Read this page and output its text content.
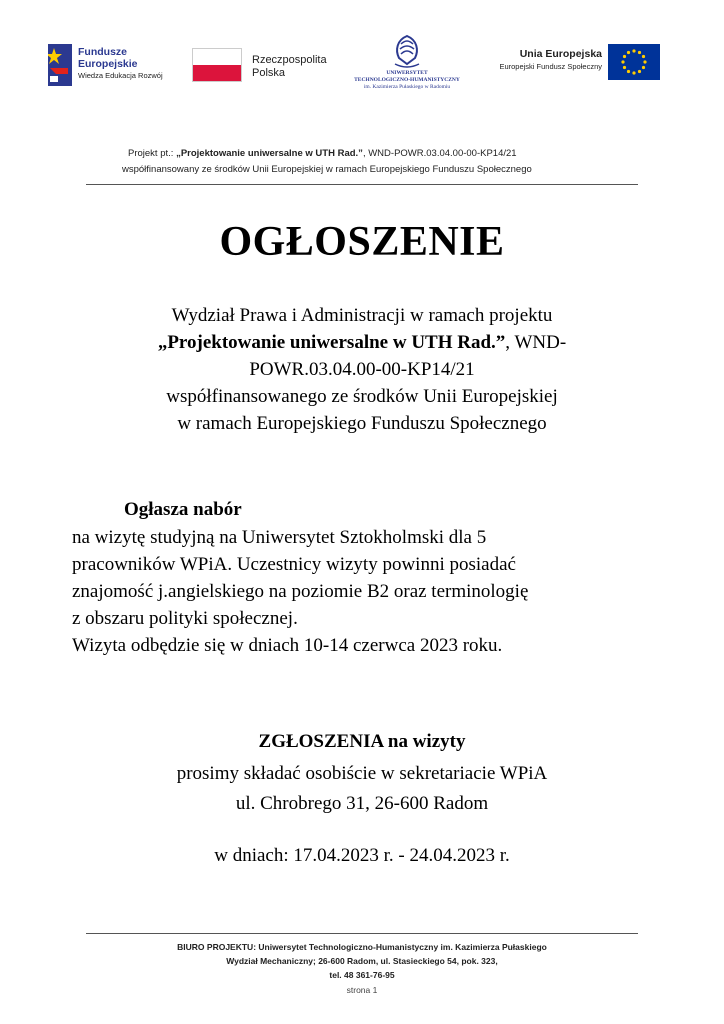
Fundusze
Europejskie
Wiedza Edukacja Rozwój
Rzeczpospolita
Polska	UNIWERSYTET
TECHNOLOGICZNO-HUMANISTYCZNY
im. Kazimierza Pułaskiego w Radomiu
Unia Europejska
Europejski Fundusz Społeczny
Projekt pt.: „Projektowanie uniwersalne w UTH Rad.”, WND-POWR.03.04.00-00-KP14/21
współfinansowany ze środków Unii Europejskiej w ramach Europejskiego Funduszu Społecznego
OGŁOSZENIE
Wydział Prawa i Administracji w ramach projektu
„Projektowanie uniwersalne w UTH Rad.”, WND-
POWR.03.04.00-00-KP14/21
współfinansowanego ze środków Unii Europejskiej
w ramach Europejskiego Funduszu Społecznego
Ogłasza nabór
na wizytę studyjną na Uniwersytet Sztokholmski dla 5
pracowników WPiA. Uczestnicy wizyty powinni posiadać
znajomość j.angielskiego na poziomie B2 oraz terminologię
z obszaru polityki społecznej.
Wizyta odbędzie się w dniach 10-14 czerwca 2023 roku.
ZGŁOSZENIA na wizyty
prosimy składać osobiście w sekretariacie WPiA
ul. Chrobrego 31, 26-600 Radom
w dniach: 17.04.2023 r. - 24.04.2023 r.
BIURO PROJEKTU: Uniwersytet Technologiczno-Humanistyczny im. Kazimierza Pułaskiego
Wydział Mechaniczny; 26-600 Radom, ul. Stasieckiego 54, pok. 323,
tel. 48 361-76-95
strona 1
